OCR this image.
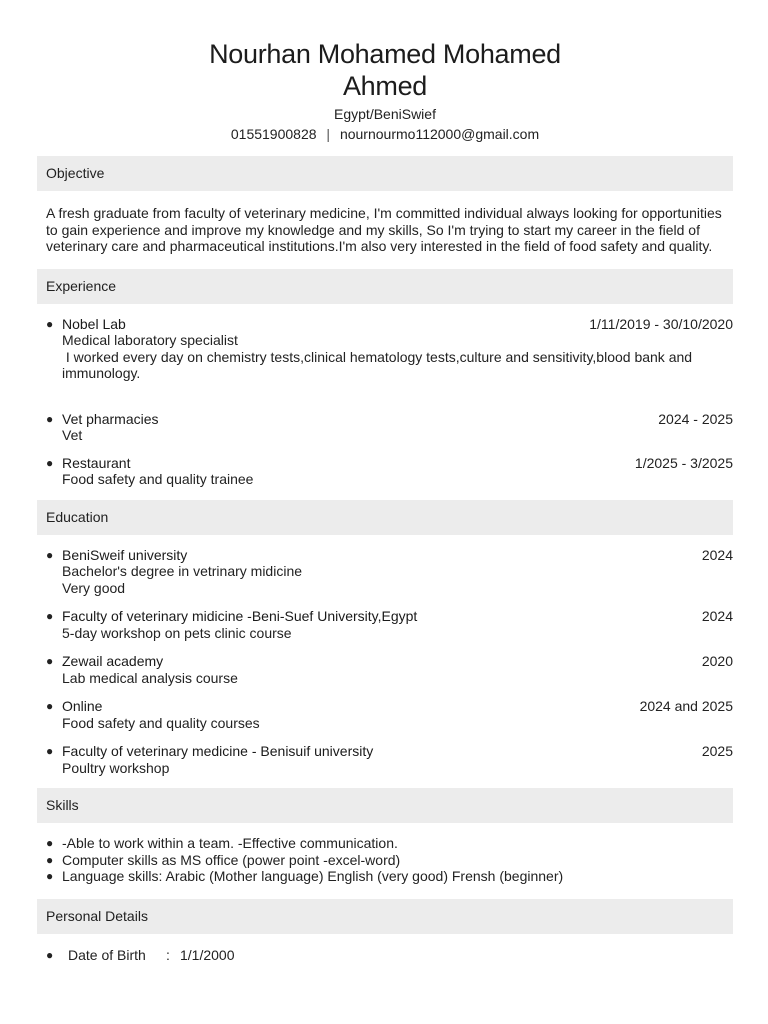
Nourhan Mohamed Mohamed Ahmed
Egypt/BeniSwief
01551900828 | nournourmo112000@gmail.com
Objective
A fresh graduate from faculty of veterinary medicine, I'm committed individual always looking for opportunities to gain experience and improve my knowledge and my skills, So I'm trying to start my career in the field of veterinary care and pharmaceutical institutions.I'm also very interested in the field of food safety and quality.
Experience
● Nobel Lab	1/11/2019 - 30/10/2020
Medical laboratory specialist
I worked every day on chemistry tests,clinical hematology tests,culture and sensitivity,blood bank and immunology.
● Vet pharmacies	2024 - 2025
Vet
● Restaurant	1/2025 - 3/2025
Food safety and quality trainee
Education
● BeniSweif university	2024
Bachelor's degree in vetrinary midicine
Very good
● Faculty of veterinary midicine -Beni-Suef University,Egypt	2024
5-day workshop on pets clinic course
● Zewail academy	2020
Lab medical analysis course
● Online	2024 and 2025
Food safety and quality courses
● Faculty of veterinary medicine - Benisuif university	2025
Poultry workshop
Skills
● -Able to work within a team. -Effective communication.
● Computer skills as MS office (power point -excel-word)
● Language skills: Arabic (Mother language) English (very good) Frensh (beginner)
Personal Details
● Date of Birth : 1/1/2000
